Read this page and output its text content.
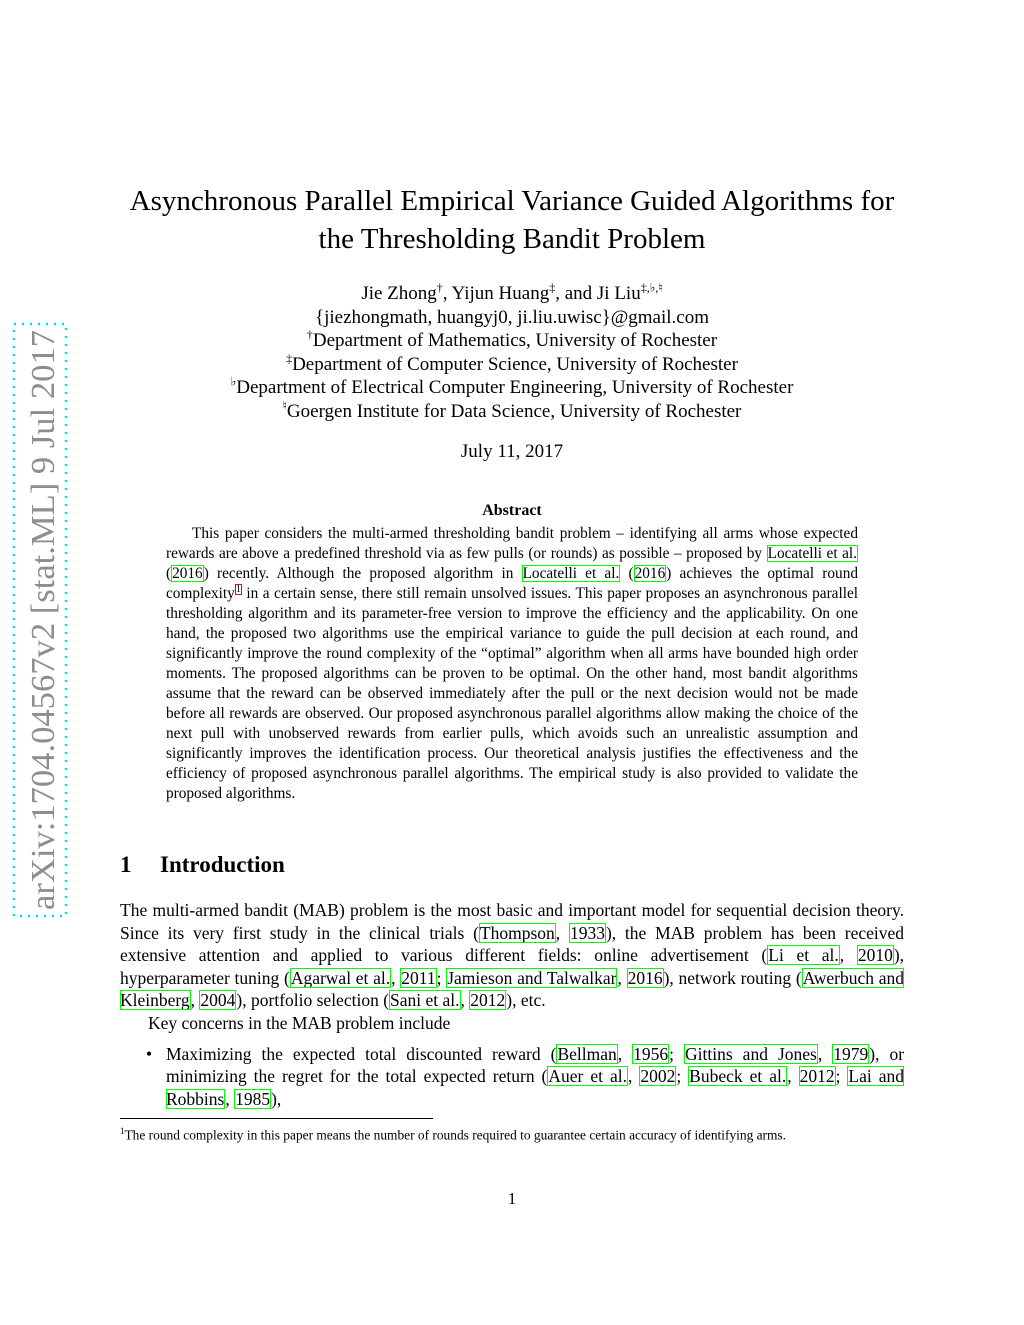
arXiv:1704.04567v2 [stat.ML] 9 Jul 2017
Asynchronous Parallel Empirical Variance Guided Algorithms for
the Thresholding Bandit Problem
Jie Zhong†, Yijun Huang‡, and Ji Liu‡,♭,♮
{jiezhongmath, huangyj0, ji.liu.uwisc}@gmail.com
†Department of Mathematics, University of Rochester
‡Department of Computer Science, University of Rochester
♭Department of Electrical Computer Engineering, University of Rochester
♮Goergen Institute for Data Science, University of Rochester
July 11, 2017
Abstract

This paper considers the multi-armed thresholding bandit problem – identifying all arms whose expected rewards are above a predefined threshold via as few pulls (or rounds) as possible – proposed by Locatelli et al. (2016) recently. Although the proposed algorithm in Locatelli et al. (2016) achieves the optimal round complexity$^1$ in a certain sense, there still remain unsolved issues. This paper proposes an asynchronous parallel thresholding algorithm and its parameter-free version to improve the efficiency and the applicability. On one hand, the proposed two algorithms use the empirical variance to guide the pull decision at each round, and significantly improve the round complexity of the “optimal” algorithm when all arms have bounded high order moments. The proposed algorithms can be proven to be optimal. On the other hand, most bandit algorithms assume that the reward can be observed immediately after the pull or the next decision would not be made before all rewards are observed. Our proposed asynchronous parallel algorithms allow making the choice of the next pull with unobserved rewards from earlier pulls, which avoids such an unrealistic assumption and significantly improves the identification process. Our theoretical analysis justifies the effectiveness and the efficiency of proposed asynchronous parallel algorithms. The empirical study is also provided to validate the proposed algorithms.

1 Introduction

The multi-armed bandit (MAB) problem is the most basic and important model for sequential decision theory. Since its very first study in the clinical trials (Thompson, 1933), the MAB problem has been received extensive attention and applied to various different fields: online advertisement (Li et al., 2010), hyperparameter tuning (Agarwal et al., 2011; Jamieson and Talwalkar, 2016), network routing (Awerbuch and Kleinberg, 2004), portfolio selection (Sani et al., 2012), etc.

Key concerns in the MAB problem include

• Maximizing the expected total discounted reward (Bellman, 1956; Gittins and Jones, 1979), or minimizing the regret for the total expected return (Auer et al., 2002; Bubeck et al., 2012; Lai and Robbins, 1985),
$^1$The round complexity in this paper means the number of rounds required to guarantee certain accuracy of identifying arms.
1
